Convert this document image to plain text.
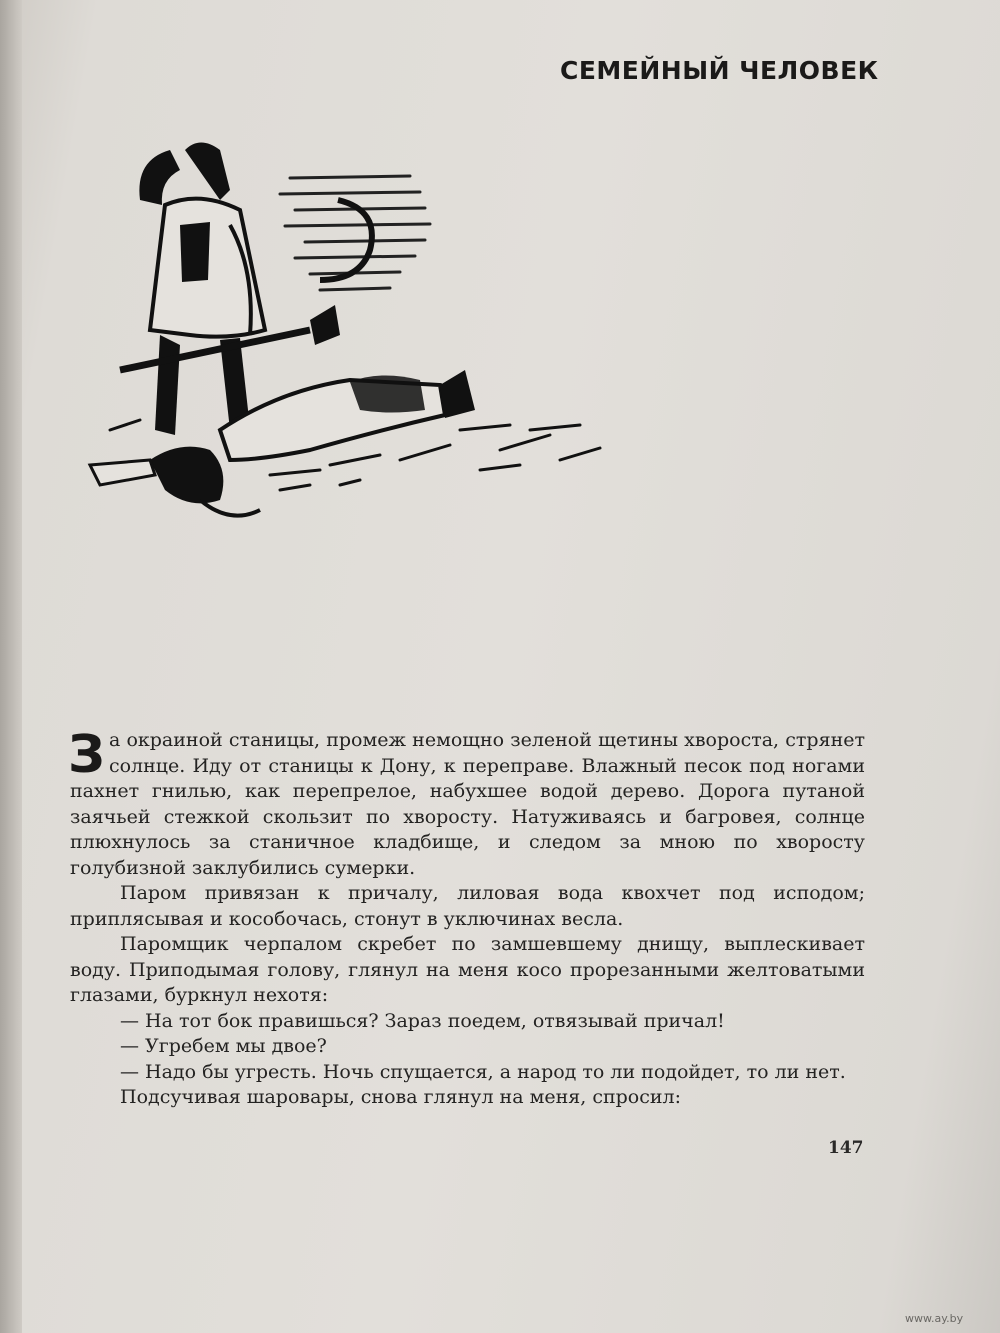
СЕМЕЙНЫЙ ЧЕЛОВЕК

За окраиной станицы, промеж немощно зеленой щетины хвороста, стрянет солнце. Иду от станицы к Дону, к переправе. Влажный песок под ногами пахнет гнилью, как перепрелое, набухшее водой дерево. Дорога путаной заячьей стежкой скользит по хворосту. Натуживаясь и багровея, солнце плюхнулось за станичное кладбище, и следом за мною по хворосту голубизной заклубились сумерки.

Паром привязан к причалу, лиловая вода квохчет под исподом; приплясывая и кособочась, стонут в уключинах весла.

Паромщик черпалом скребет по замшевшему днищу, выплескивает воду. Приподымая голову, глянул на меня косо прорезанными желтоватыми глазами, буркнул нехотя:

— На тот бок правишься? Зараз поедем, отвязывай причал!

— Угребем мы двое?

— Надо бы угресть. Ночь спущается, а народ то ли подойдет, то ли нет.

Подсучивая шаровары, снова глянул на меня, спросил:

147
www.ay.by
